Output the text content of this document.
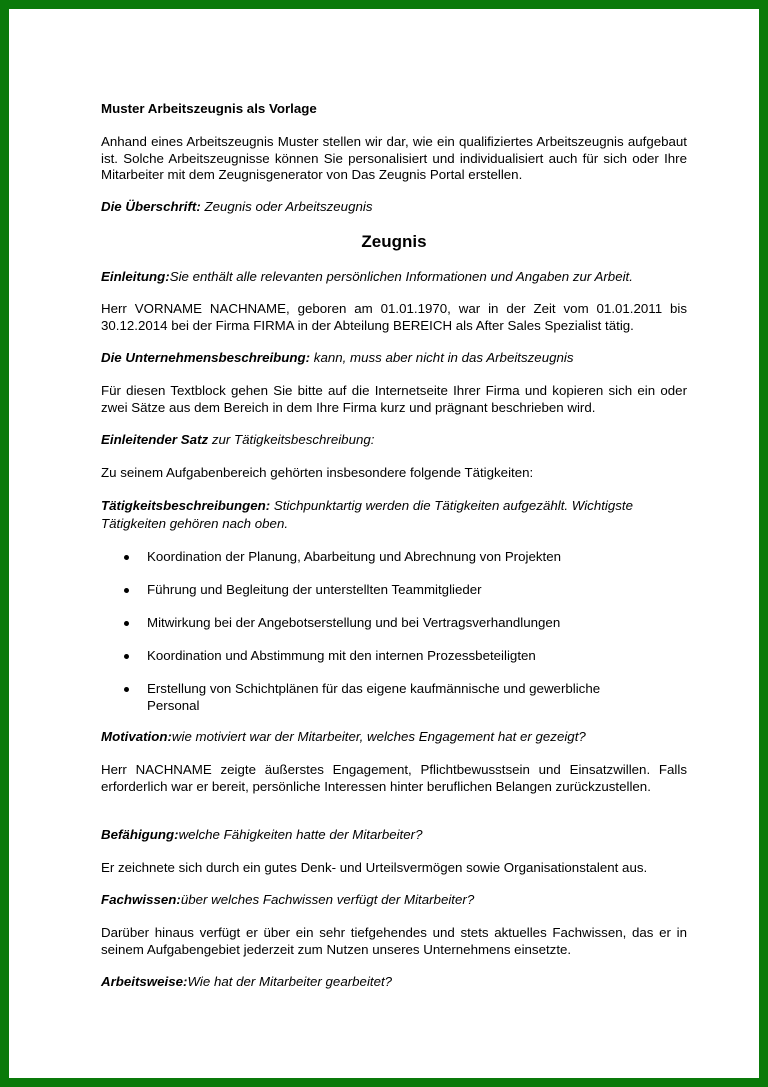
Muster Arbeitszeugnis als Vorlage

Anhand eines Arbeitszeugnis Muster stellen wir dar, wie ein qualifiziertes Arbeitszeugnis aufgebaut ist. Solche Arbeitszeugnisse können Sie personalisiert und individualisiert auch für sich oder Ihre Mitarbeiter mit dem Zeugnisgenerator von Das Zeugnis Portal erstellen.

Die Überschrift: Zeugnis oder Arbeitszeugnis

Zeugnis

Einleitung:Sie enthält alle relevanten persönlichen Informationen und Angaben zur Arbeit.

Herr VORNAME NACHNAME, geboren am 01.01.1970, war in der Zeit vom 01.01.2011 bis 30.12.2014 bei der Firma FIRMA in der Abteilung BEREICH als After Sales Spezialist tätig.

Die Unternehmensbeschreibung: kann, muss aber nicht in das Arbeitszeugnis

Für diesen Textblock gehen Sie bitte auf die Internetseite Ihrer Firma und kopieren sich ein oder zwei Sätze aus dem Bereich in dem Ihre Firma kurz und prägnant beschrieben wird.

Einleitender Satz zur Tätigkeitsbeschreibung:

Zu seinem Aufgabenbereich gehörten insbesondere folgende Tätigkeiten:

Tätigkeitsbeschreibungen: Stichpunktartig werden die Tätigkeiten aufgezählt. Wichtigste Tätigkeiten gehören nach oben.

Koordination der Planung, Abarbeitung und Abrechnung von Projekten
Führung und Begleitung der unterstellten Teammitglieder
Mitwirkung bei der Angebotserstellung und bei Vertragsverhandlungen
Koordination und Abstimmung mit den internen Prozessbeteiligten
Erstellung von Schichtplänen für das eigene kaufmännische und gewerbliche Personal

Motivation:wie motiviert war der Mitarbeiter, welches Engagement hat er gezeigt?

Herr NACHNAME zeigte äußerstes Engagement, Pflichtbewusstsein und Einsatzwillen. Falls erforderlich war er bereit, persönliche Interessen hinter beruflichen Belangen zurückzustellen.

Befähigung:welche Fähigkeiten hatte der Mitarbeiter?

Er zeichnete sich durch ein gutes Denk- und Urteilsvermögen sowie Organisationstalent aus.

Fachwissen:über welches Fachwissen verfügt der Mitarbeiter?

Darüber hinaus verfügt er über ein sehr tiefgehendes und stets aktuelles Fachwissen, das er in seinem Aufgabengebiet jederzeit zum Nutzen unseres Unternehmens einsetzte.

Arbeitsweise:Wie hat der Mitarbeiter gearbeitet?
